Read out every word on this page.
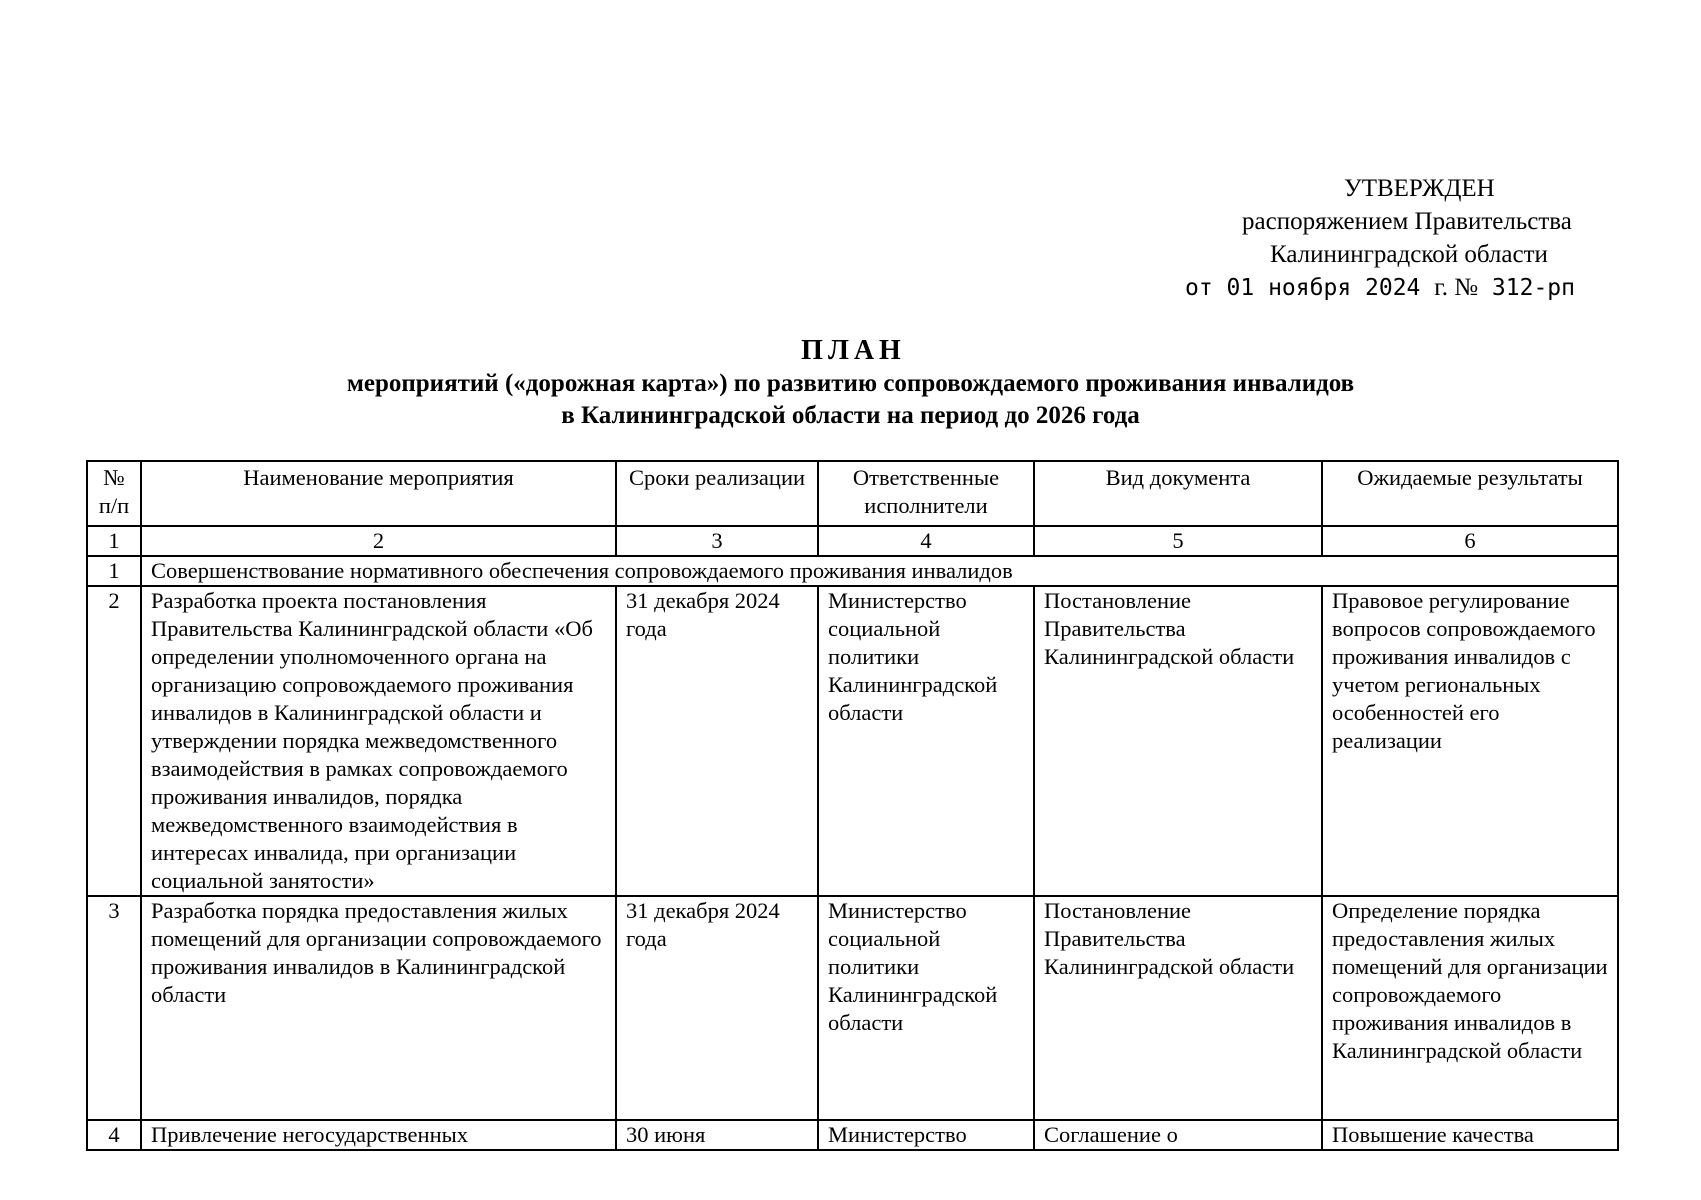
УТВЕРЖДЕН
распоряжением Правительства
Калининградской области
от 01 ноября 2024 г. № 312-рп
ПЛАН
мероприятий («дорожная карта») по развитию сопровождаемого проживания инвалидов
в Калининградской области на период до 2026 года
№ п/п	Наименование мероприятия	Сроки реализации	Ответственные исполнители	Вид документа	Ожидаемые результаты
1	2	3	4	5	6
1	Совершенствование нормативного обеспечения сопровождаемого проживания инвалидов				
2	Разработка проекта постановления Правительства Калининградской области «Об определении уполномоченного органа на организацию сопровождаемого проживания инвалидов в Калининградской области и утверждении порядка межведомственного взаимодействия в рамках сопровождаемого проживания инвалидов, порядка межведомственного взаимодействия в интересах инвалида, при организации социальной занятости»	31 декабря 2024 года	Министерство социальной политики Калининградской области	Постановление Правительства Калининградской области	Правовое регулирование вопросов сопровождаемого проживания инвалидов с учетом региональных особенностей его реализации
3	Разработка порядка предоставления жилых помещений для организации сопровождаемого проживания инвалидов в Калининградской области	31 декабря 2024 года	Министерство социальной политики Калининградской области	Постановление Правительства Калининградской области	Определение порядка предоставления жилых помещений для организации сопровождаемого проживания инвалидов в Калининградской области
4	Привлечение негосударственных	30 июня	Министерство	Соглашение о	Повышение качества
